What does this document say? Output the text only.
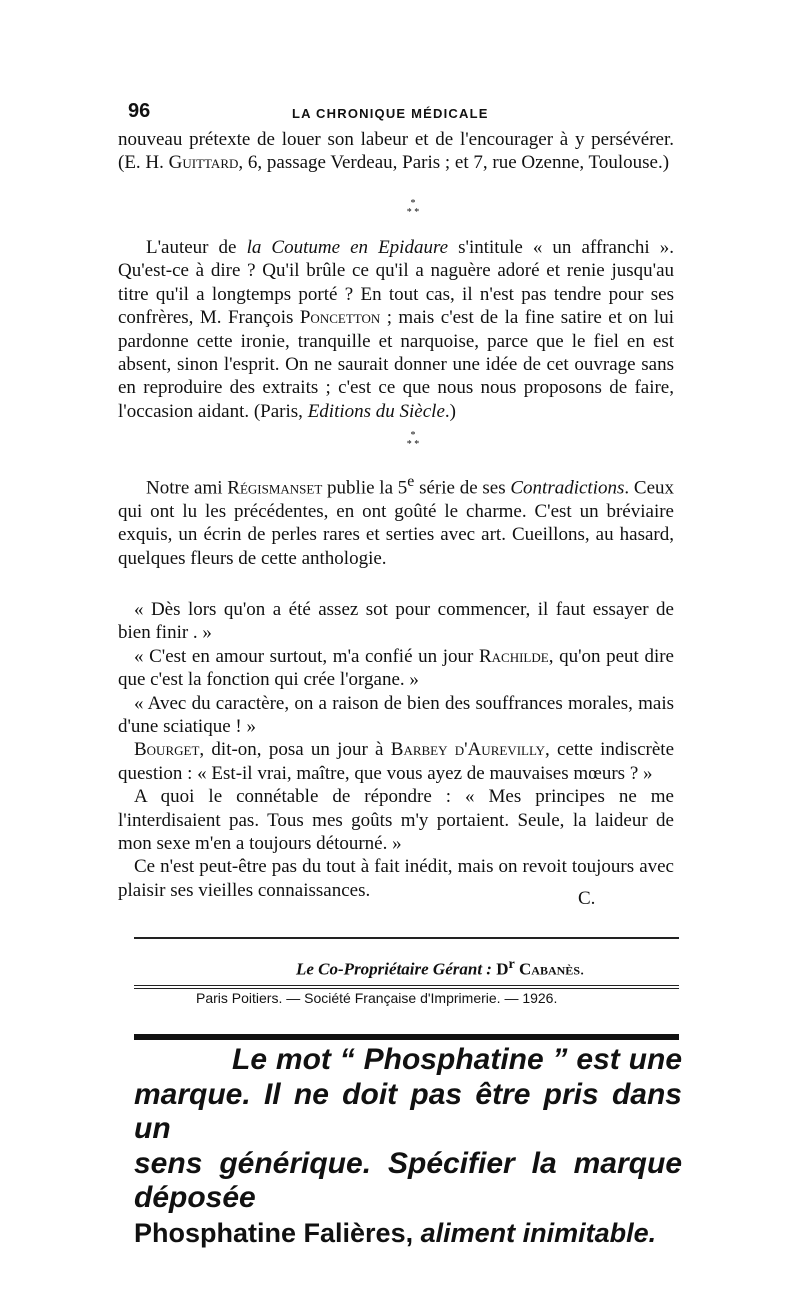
96	LA CHRONIQUE MÉDICALE

nouveau prétexte de louer son labeur et de l'encourager à y persévérer. (E. H. Guittard, 6, passage Verdeau, Paris ; et 7, rue Ozenne, Toulouse.)

*
* *

L'auteur de la Coutume en Epidaure s'intitule « un affranchi ». Qu'est-ce à dire ? Qu'il brûle ce qu'il a naguère adoré et renie jusqu'au titre qu'il a longtemps porté ? En tout cas, il n'est pas tendre pour ses confrères, M. François Poncetton ; mais c'est de la fine satire et on lui pardonne cette ironie, tranquille et narquoise, parce que le fiel en est absent, sinon l'esprit. On ne saurait donner une idée de cet ouvrage sans en reproduire des extraits ; c'est ce que nous nous proposons de faire, l'occasion aidant. (Paris, Editions du Siècle.)

*
* *

Notre ami Régismanset publie la 5e série de ses Contradictions. Ceux qui ont lu les précédentes, en ont goûté le charme. C'est un bréviaire exquis, un écrin de perles rares et serties avec art. Cueillons, au hasard, quelques fleurs de cette anthologie.

« Dès lors qu'on a été assez sot pour commencer, il faut essayer de bien finir . »

« C'est en amour surtout, m'a confié un jour Rachilde, qu'on peut dire que c'est la fonction qui crée l'organe. »

« Avec du caractère, on a raison de bien des souffrances morales, mais d'une sciatique ! »

Bourget, dit-on, posa un jour à Barbey d'Aurevilly, cette indiscrète question : « Est-il vrai, maître, que vous ayez de mauvaises mœurs ? »

A quoi le connétable de répondre : « Mes principes ne me l'interdisaient pas. Tous mes goûts m'y portaient. Seule, la laideur de mon sexe m'en a toujours détourné. »

Ce n'est peut-être pas du tout à fait inédit, mais on revoit toujours avec plaisir ses vieilles connaissances.	C.
Le Co-Propriétaire Gérant : $D^r$ Cabanès.
Paris Poitiers. — Société Française d'Imprimerie. — 1926.
Le mot “ Phosphatine ” est une
marque. Il ne doit pas être pris dans un
sens générique. Spécifier la marque déposée
Phosphatine Falières, aliment inimitable.
